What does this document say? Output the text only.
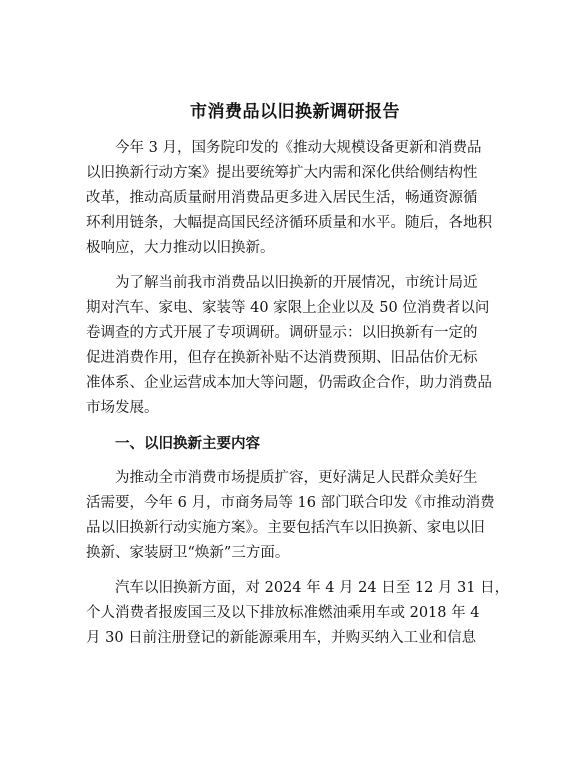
市消费品以旧换新调研报告
今年 3 月，国务院印发的《推动大规模设备更新和消费品
以旧换新行动方案》提出要统筹扩大内需和深化供给侧结构性
改革，推动高质量耐用消费品更多进入居民生活，畅通资源循
环利用链条，大幅提高国民经济循环质量和水平。随后，各地积
极响应，大力推动以旧换新。
为了解当前我市消费品以旧换新的开展情况，市统计局近
期对汽车、家电、家装等 40 家限上企业以及 50 位消费者以问
卷调查的方式开展了专项调研。调研显示：以旧换新有一定的
促进消费作用，但存在换新补贴不达消费预期、旧品估价无标
准体系、企业运营成本加大等问题，仍需政企合作，助力消费品
市场发展。
一、以旧换新主要内容
为推动全市消费市场提质扩容，更好满足人民群众美好生
活需要，今年 6 月，市商务局等 16 部门联合印发《市推动消费
品以旧换新行动实施方案》。主要包括汽车以旧换新、家电以旧
换新、家装厨卫“焕新”三方面。
汽车以旧换新方面，对 2024 年 4 月 24 日至 12 月 31 日，
个人消费者报废国三及以下排放标准燃油乘用车或 2018 年 4
月 30 日前注册登记的新能源乘用车，并购买纳入工业和信息
